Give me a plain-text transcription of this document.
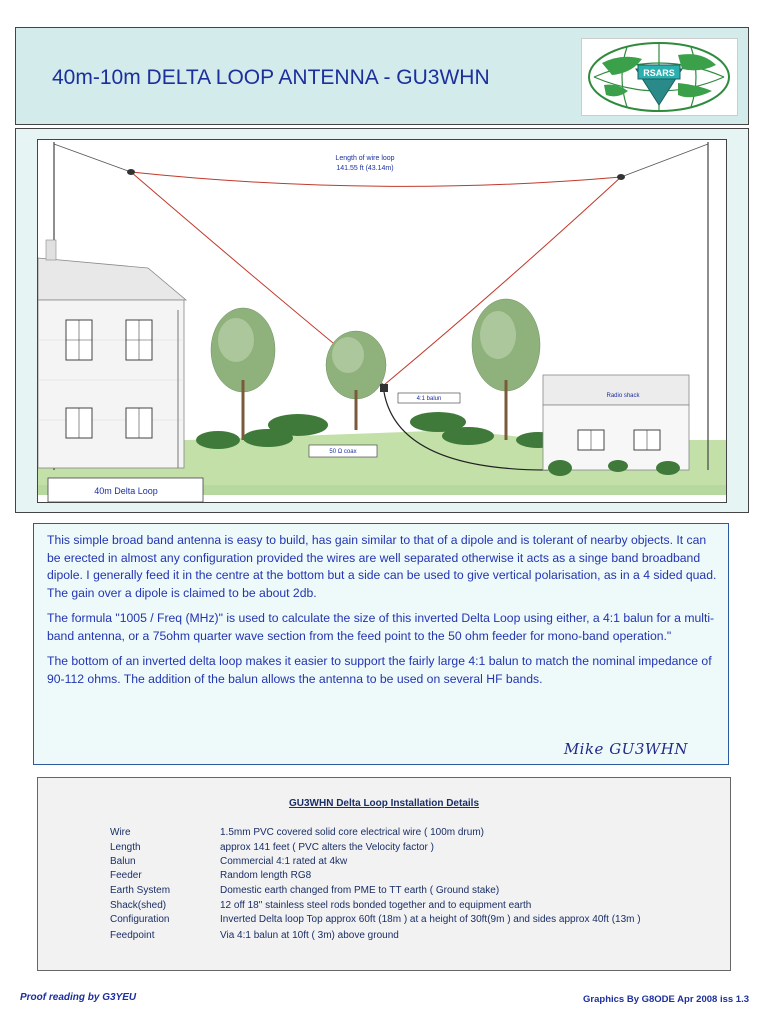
40m-10m DELTA LOOP ANTENNA - GU3WHN	RSARS
Length of wire loop
141.55 ft (43.14m)
4:1 balun
50 Ω coax
Radio shack
40m Delta Loop

This simple broad band antenna is easy to build, has gain similar to that of a dipole and is tolerant of nearby objects. It can be erected in almost any configuration provided the wires are well separated otherwise it acts as a singe band broadband dipole. I generally feed it in the centre at the bottom but a side can be used to give vertical polarisation, as in a 4 sided quad. The gain over a dipole is claimed to be about 2db.

The formula "1005 / Freq (MHz)" is used to calculate the size of this inverted Delta Loop using either, a 4:1 balun for a multi-band antenna, or a 75ohm quarter wave section from the feed point to the 50 ohm feeder for mono-band operation."

The bottom of an inverted delta loop makes it easier to support the fairly large 4:1 balun to match the nominal impedance of 90-112 ohms. The addition of the balun allows the antenna to be used on several HF bands.

Mike GU3WHN
GU3WHN Delta Loop Installation Details
Wire	1.5mm PVC covered solid core electrical wire ( 100m drum)
Length	approx 141 feet ( PVC alters the Velocity factor )
Balun	Commercial 4:1 rated at 4kw
Feeder	Random length RG8
Earth System	Domestic earth changed from PME to TT earth ( Ground stake)
Shack(shed)	12 off 18" stainless steel rods bonded together and to equipment earth
Configuration	Inverted Delta loop Top approx 60ft (18m ) at a height of 30ft(9m ) and sides approx 40ft (13m )
Feedpoint	Via 4:1 balun at 10ft ( 3m) above ground
Proof reading by G3YEU	Graphics By G8ODE Apr 2008 iss 1.3
